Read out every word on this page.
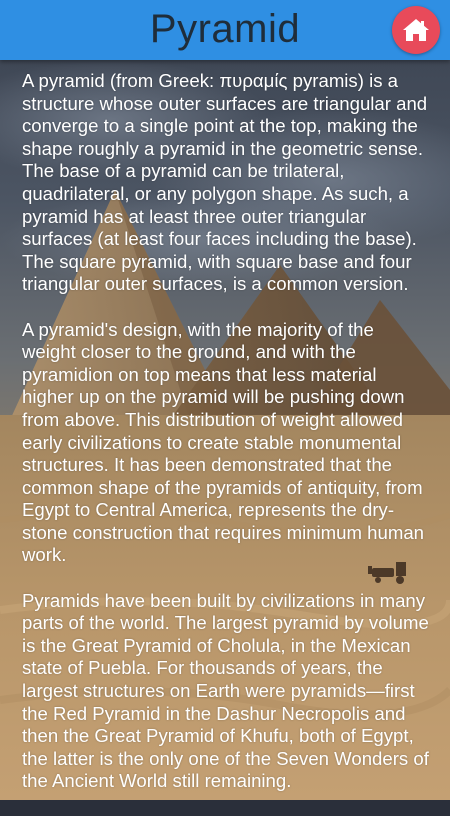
Pyramid

A pyramid (from Greek: πυραμίς pyramis) is a structure whose outer surfaces are triangular and converge to a single point at the top, making the shape roughly a pyramid in the geometric sense. The base of a pyramid can be trilateral, quadrilateral, or any polygon shape. As such, a pyramid has at least three outer triangular surfaces (at least four faces including the base). The square pyramid, with square base and four triangular outer surfaces, is a common version.

A pyramid's design, with the majority of the weight closer to the ground, and with the pyramidion on top means that less material higher up on the pyramid will be pushing down from above. This distribution of weight allowed early civilizations to create stable monumental structures. It has been demonstrated that the common shape of the pyramids of antiquity, from Egypt to Central America, represents the dry-stone construction that requires minimum human work.

Pyramids have been built by civilizations in many parts of the world. The largest pyramid by volume is the Great Pyramid of Cholula, in the Mexican state of Puebla. For thousands of years, the largest structures on Earth were pyramids—first the Red Pyramid in the Dashur Necropolis and then the Great Pyramid of Khufu, both of Egypt, the latter is the only one of the Seven Wonders of the Ancient World still remaining.
